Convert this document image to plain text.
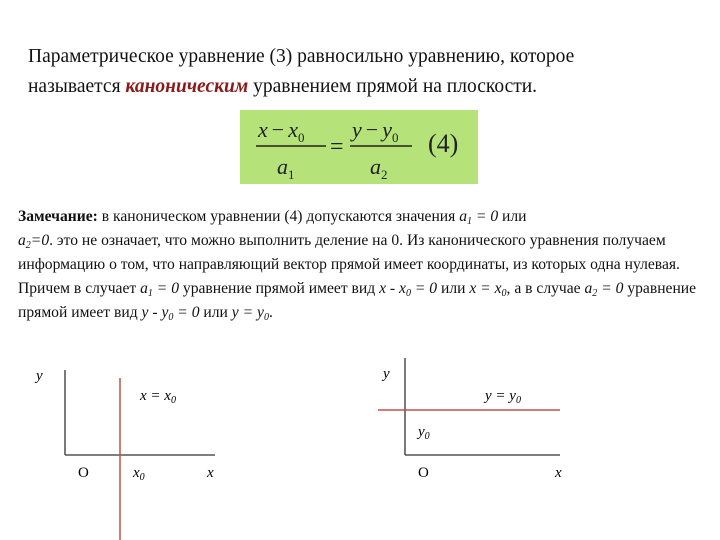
Параметрическое уравнение (3) равносильно уравнению, которое
называется каноническим уравнением прямой на плоскости.
$x - x_0$
$a_1$
=
$y - y_0$
$a_2$
(4)
Замечание: в каноническом уравнении (4) допускаются значения $a_1 = 0$ или
$a_2=0$. это не означает, что можно выполнить деление на 0. Из канонического уравнения получаем информацию о том, что направляющий вектор прямой имеет координаты, из которых одна нулевая. Причем в случает $a_1 = 0$ уравнение прямой имеет вид $x - x_0 = 0$ или $x = x_0$, а в случае $a_2 = 0$ уравнение прямой имеет вид $y - y_0 = 0$ или $y = y_0$.
y
$x = x_0$
O	$x_0$	x
y
$y = y_0$
$y_0$
O	x
